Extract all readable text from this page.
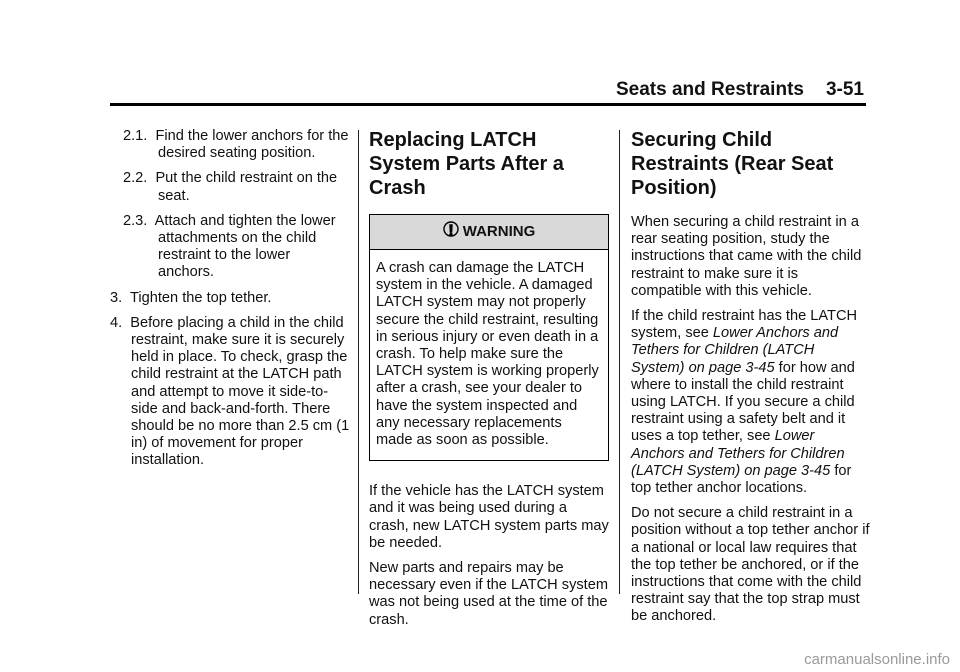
Seats and Restraints 3-51
2.1. Find the lower anchors for the desired seating position.
2.2. Put the child restraint on the seat.
2.3. Attach and tighten the lower attachments on the child restraint to the lower anchors.
3. Tighten the top tether.
4. Before placing a child in the child restraint, make sure it is securely held in place. To check, grasp the child restraint at the LATCH path and attempt to move it side-to-side and back-and-forth. There should be no more than 2.5 cm (1 in) of movement for proper installation.
Replacing LATCH System Parts After a Crash
WARNING
A crash can damage the LATCH system in the vehicle. A damaged LATCH system may not properly secure the child restraint, resulting in serious injury or even death in a crash. To help make sure the LATCH system is working properly after a crash, see your dealer to have the system inspected and any necessary replacements made as soon as possible.

If the vehicle has the LATCH system and it was being used during a crash, new LATCH system parts may be needed.

New parts and repairs may be necessary even if the LATCH system was not being used at the time of the crash.

Securing Child Restraints (Rear Seat Position)

When securing a child restraint in a rear seating position, study the instructions that came with the child restraint to make sure it is compatible with this vehicle.

If the child restraint has the LATCH system, see Lower Anchors and Tethers for Children (LATCH System) on page 3-45 for how and where to install the child restraint using LATCH. If you secure a child restraint using a safety belt and it uses a top tether, see Lower Anchors and Tethers for Children (LATCH System) on page 3-45 for top tether anchor locations.

Do not secure a child restraint in a position without a top tether anchor if a national or local law requires that the top tether be anchored, or if the instructions that come with the child restraint say that the top strap must be anchored.

carmanualsonline.info
